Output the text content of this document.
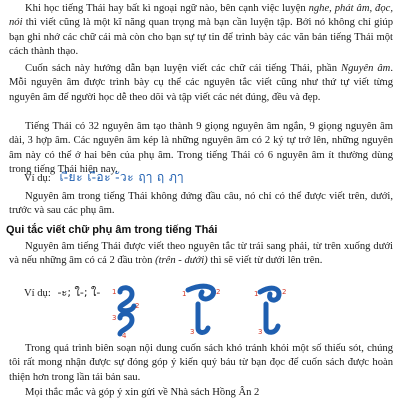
Khi học tiếng Thái hay bất kì ngoại ngữ nào, bên cạnh việc luyện nghe, phát âm, đọc, nói thì viết cũng là một kĩ năng quan trọng mà bạn cần luyện tập. Bởi nó không chỉ giúp bạn ghi nhớ các chữ cái mà còn cho bạn sự tự tin để trình bày các văn bản tiếng Thái một cách thành thạo.

Cuốn sách này hướng dẫn bạn luyện viết các chữ cái tiếng Thái, phần Nguyên âm. Mỗi nguyên âm được trình bày cụ thể các nguyên tắc viết cũng như thứ tự viết từng nguyên âm để người học dễ theo dõi và tập viết các nét đúng, đều và đẹp.

Tiếng Thái có 32 nguyên âm tạo thành 9 giọng nguyên âm ngắn, 9 giọng nguyên âm dài, 3 hợp âm. Các nguyên âm kép là những nguyên âm có 2 ký tự trở lên, những nguyên âm này có thể ở hai bên của phụ âm. Trong tiếng Thái có 6 nguyên âm ít thường dùng trong tiếng Thái hiện nay.

Ví dụ: เ-ียะ เ-ือะ -ัวะ ฤๅ ฤ ฦๅ

Nguyên âm trong tiếng Thái không đứng đầu câu, nó chỉ có thể được viết trên, dưới, trước và sau các phụ âm.

Qui tắc viết chữ phụ âm trong tiếng Thái

Nguyên âm tiếng Thái được viết theo nguyên tắc từ trái sang phải, từ trên xuống dưới và nếu những âm có cả 2 đầu tròn (trên - dưới) thì sẽ viết từ dưới lên trên.

Ví dụ: -ะ; ใ-; ใ- 1
2
3
4
1	2
3
1	2
3

Trong quá trình biên soạn nội dung cuốn sách khó tránh khỏi một số thiếu sót, chúng tôi rất mong nhận được sự đóng góp ý kiến quý báu từ bạn đọc để cuốn sách được hoàn thiện hơn trong lần tái bản sau.

Mọi thắc mắc và góp ý xin gửi về Nhà sách Hồng Ân 2
